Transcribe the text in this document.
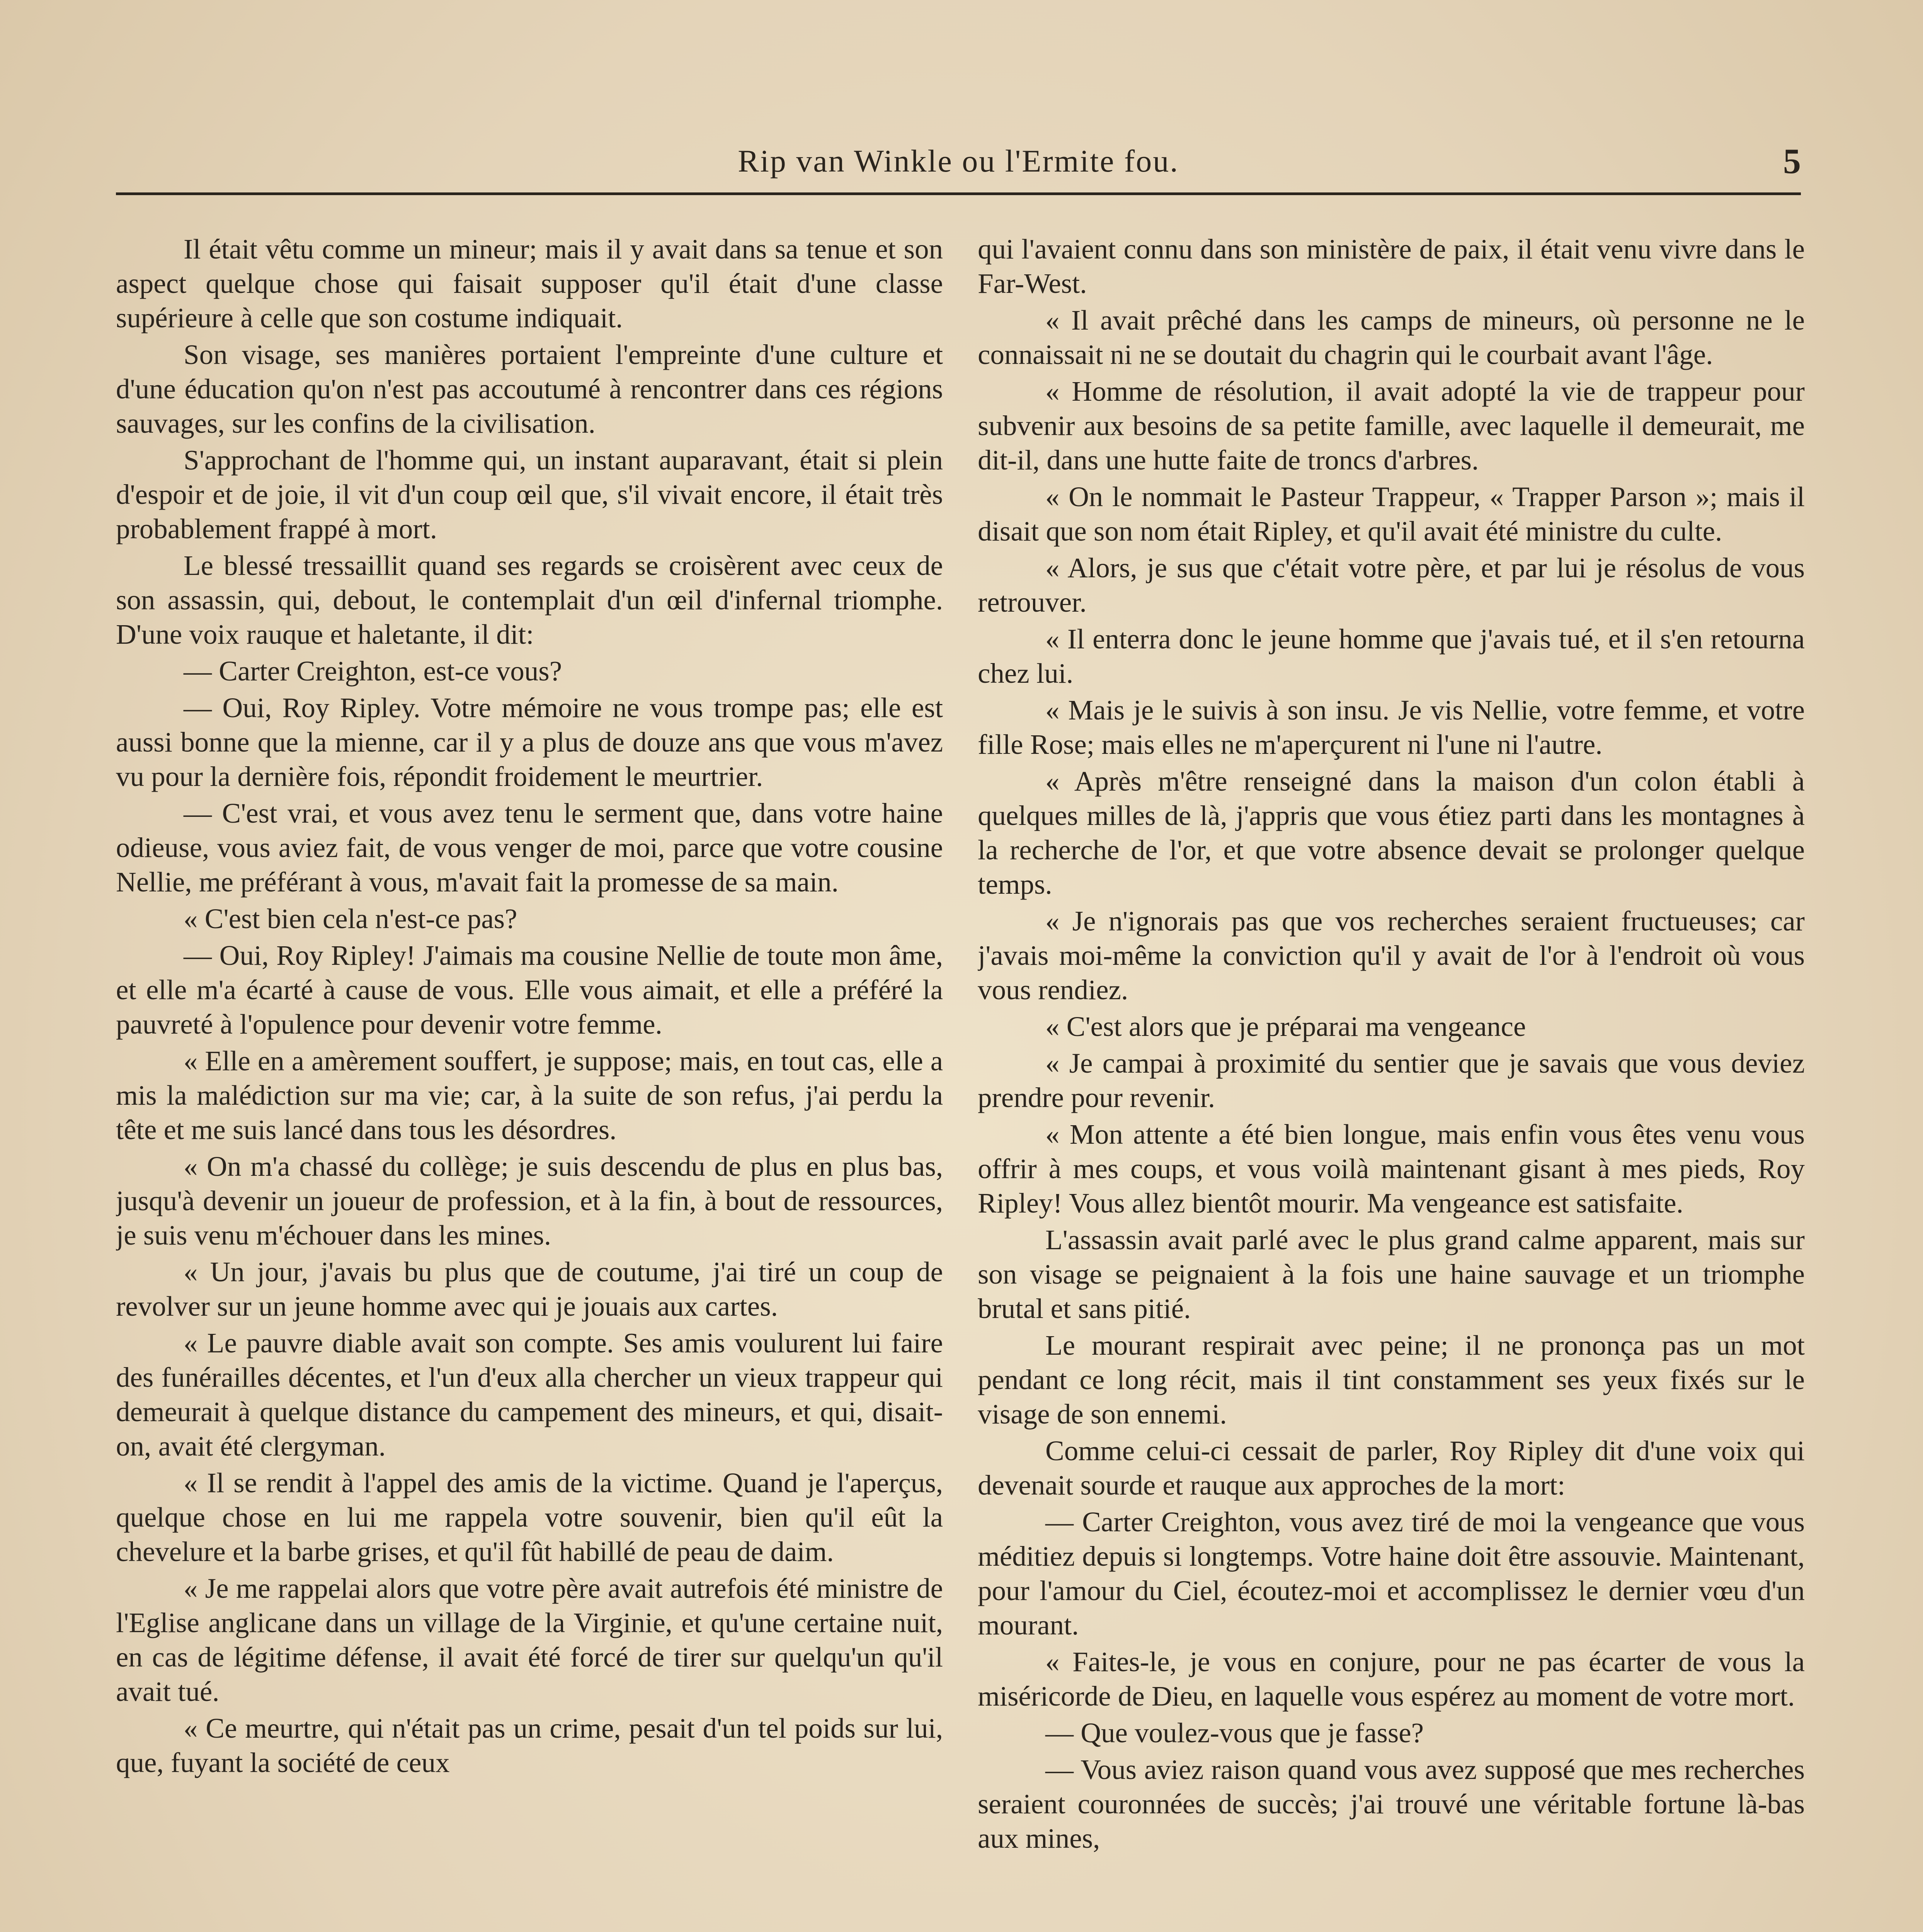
Rip van Winkle ou l'Ermite fou.	5

Il était vêtu comme un mineur; mais il y avait dans sa tenue et son aspect quelque chose qui faisait supposer qu'il était d'une classe supérieure à celle que son costume indiquait.

Son visage, ses manières portaient l'empreinte d'une culture et d'une éducation qu'on n'est pas accoutumé à rencontrer dans ces régions sauvages, sur les confins de la civilisation.

S'approchant de l'homme qui, un instant auparavant, était si plein d'espoir et de joie, il vit d'un coup œil que, s'il vivait encore, il était très probablement frappé à mort.

Le blessé tressaillit quand ses regards se croisèrent avec ceux de son assassin, qui, debout, le contemplait d'un œil d'infernal triomphe. D'une voix rauque et haletante, il dit:

— Carter Creighton, est-ce vous?

— Oui, Roy Ripley. Votre mémoire ne vous trompe pas; elle est aussi bonne que la mienne, car il y a plus de douze ans que vous m'avez vu pour la dernière fois, répondit froidement le meurtrier.

— C'est vrai, et vous avez tenu le serment que, dans votre haine odieuse, vous aviez fait, de vous venger de moi, parce que votre cousine Nellie, me préférant à vous, m'avait fait la promesse de sa main.

« C'est bien cela n'est-ce pas?

— Oui, Roy Ripley! J'aimais ma cousine Nellie de toute mon âme, et elle m'a écarté à cause de vous. Elle vous aimait, et elle a préféré la pauvreté à l'opulence pour devenir votre femme.

« Elle en a amèrement souffert, je suppose; mais, en tout cas, elle a mis la malédiction sur ma vie; car, à la suite de son refus, j'ai perdu la tête et me suis lancé dans tous les désordres.

« On m'a chassé du collège; je suis descendu de plus en plus bas, jusqu'à devenir un joueur de profession, et à la fin, à bout de ressources, je suis venu m'échouer dans les mines.

« Un jour, j'avais bu plus que de coutume, j'ai tiré un coup de revolver sur un jeune homme avec qui je jouais aux cartes.

« Le pauvre diable avait son compte. Ses amis voulurent lui faire des funérailles décentes, et l'un d'eux alla chercher un vieux trappeur qui demeurait à quelque distance du campement des mineurs, et qui, disait-on, avait été clergyman.

« Il se rendit à l'appel des amis de la victime. Quand je l'aperçus, quelque chose en lui me rappela votre souvenir, bien qu'il eût la chevelure et la barbe grises, et qu'il fût habillé de peau de daim.

« Je me rappelai alors que votre père avait autrefois été ministre de l'Eglise anglicane dans un village de la Virginie, et qu'une certaine nuit, en cas de légitime défense, il avait été forcé de tirer sur quelqu'un qu'il avait tué.

« Ce meurtre, qui n'était pas un crime, pesait d'un tel poids sur lui, que, fuyant la société de ceux

qui l'avaient connu dans son ministère de paix, il était venu vivre dans le Far-West.

« Il avait prêché dans les camps de mineurs, où personne ne le connaissait ni ne se doutait du chagrin qui le courbait avant l'âge.

« Homme de résolution, il avait adopté la vie de trappeur pour subvenir aux besoins de sa petite famille, avec laquelle il demeurait, me dit-il, dans une hutte faite de troncs d'arbres.

« On le nommait le Pasteur Trappeur, « Trapper Parson »; mais il disait que son nom était Ripley, et qu'il avait été ministre du culte.

« Alors, je sus que c'était votre père, et par lui je résolus de vous retrouver.

« Il enterra donc le jeune homme que j'avais tué, et il s'en retourna chez lui.

« Mais je le suivis à son insu. Je vis Nellie, votre femme, et votre fille Rose; mais elles ne m'aperçurent ni l'une ni l'autre.

« Après m'être renseigné dans la maison d'un colon établi à quelques milles de là, j'appris que vous étiez parti dans les montagnes à la recherche de l'or, et que votre absence devait se prolonger quelque temps.

« Je n'ignorais pas que vos recherches seraient fructueuses; car j'avais moi-même la conviction qu'il y avait de l'or à l'endroit où vous vous rendiez.

« C'est alors que je préparai ma vengeance

« Je campai à proximité du sentier que je savais que vous deviez prendre pour revenir.

« Mon attente a été bien longue, mais enfin vous êtes venu vous offrir à mes coups, et vous voilà maintenant gisant à mes pieds, Roy Ripley! Vous allez bientôt mourir. Ma vengeance est satisfaite.

L'assassin avait parlé avec le plus grand calme apparent, mais sur son visage se peignaient à la fois une haine sauvage et un triomphe brutal et sans pitié.

Le mourant respirait avec peine; il ne prononça pas un mot pendant ce long récit, mais il tint constamment ses yeux fixés sur le visage de son ennemi.

Comme celui-ci cessait de parler, Roy Ripley dit d'une voix qui devenait sourde et rauque aux approches de la mort:

— Carter Creighton, vous avez tiré de moi la vengeance que vous méditiez depuis si longtemps. Votre haine doit être assouvie. Maintenant, pour l'amour du Ciel, écoutez-moi et accomplissez le dernier vœu d'un mourant.

« Faites-le, je vous en conjure, pour ne pas écarter de vous la miséricorde de Dieu, en laquelle vous espérez au moment de votre mort.

— Que voulez-vous que je fasse?

— Vous aviez raison quand vous avez supposé que mes recherches seraient couronnées de succès; j'ai trouvé une véritable fortune là-bas aux mines,
